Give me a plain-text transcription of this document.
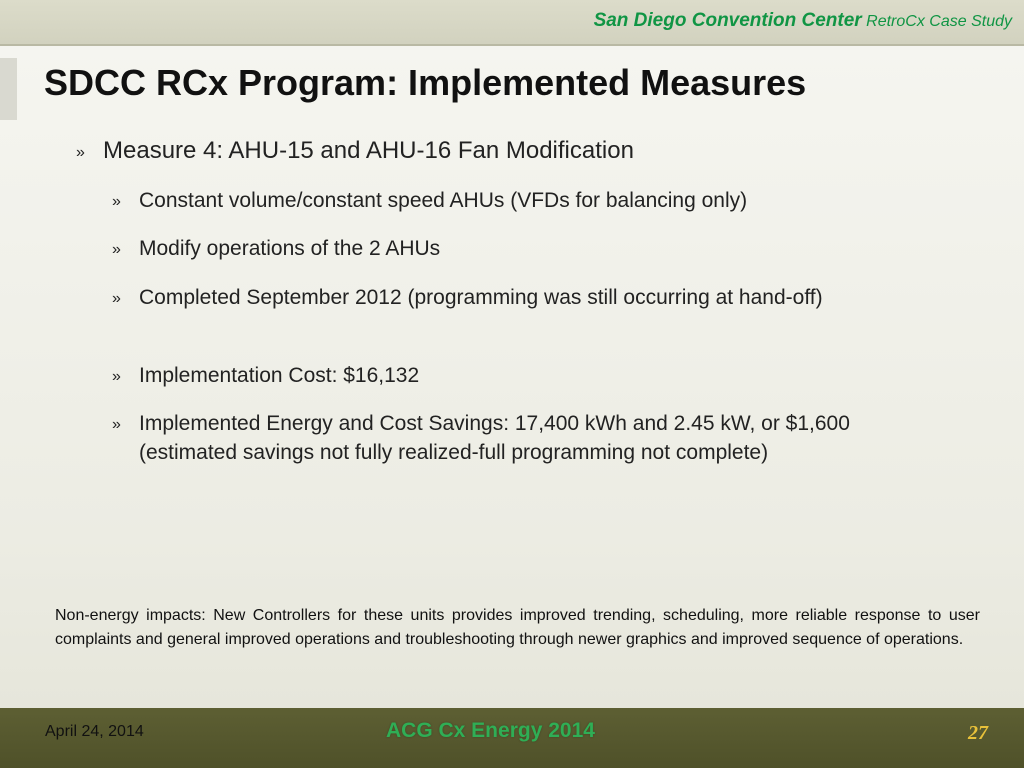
San Diego Convention Center RetroCx Case Study
SDCC RCx Program: Implemented Measures
» Measure 4: AHU-15 and AHU-16 Fan Modification
» Constant volume/constant speed AHUs (VFDs for balancing only)
» Modify operations of the 2 AHUs
» Completed September 2012 (programming was still occurring at hand-off)
» Implementation Cost: $16,132
» Implemented Energy and Cost Savings: 17,400 kWh and 2.45 kW, or $1,600 (estimated savings not fully realized-full programming not complete)
Non-energy impacts: New Controllers for these units provides improved trending, scheduling, more reliable response to user complaints and general improved operations and troubleshooting through newer graphics and improved sequence of operations.
April 24, 2014	ACG Cx Energy 2014	27
